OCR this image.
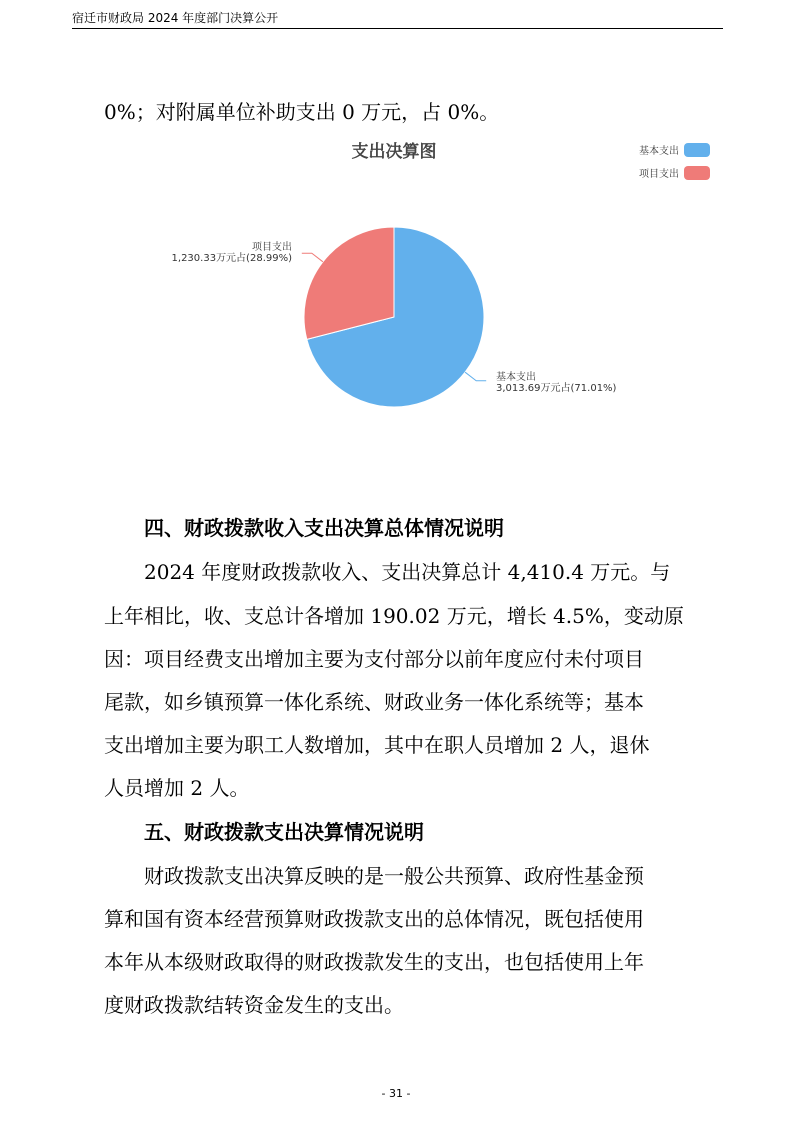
宿迁市财政局 2024 年度部门决算公开
0%；对附属单位补助支出 0 万元，占 0%。
支出决算图	基本支出
项目支出
基本支出
3,013.69万元占(71.01%)
项目支出
1,230.33万元占(28.99%)
四、财政拨款收入支出决算总体情况说明
2024 年度财政拨款收入、支出决算总计 4,410.4 万元。与
上年相比，收、支总计各增加 190.02 万元，增长 4.5%，变动原
因：项目经费支出增加主要为支付部分以前年度应付未付项目
尾款，如乡镇预算一体化系统、财政业务一体化系统等；基本
支出增加主要为职工人数增加，其中在职人员增加 2 人，退休
人员增加 2 人。
五、财政拨款支出决算情况说明
财政拨款支出决算反映的是一般公共预算、政府性基金预
算和国有资本经营预算财政拨款支出的总体情况，既包括使用
本年从本级财政取得的财政拨款发生的支出，也包括使用上年
度财政拨款结转资金发生的支出。
- 31 -
